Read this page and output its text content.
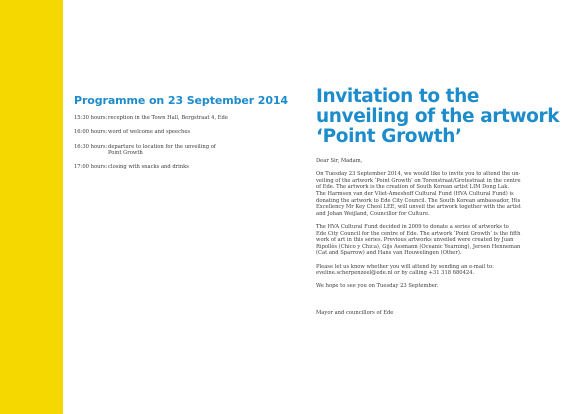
Programme on 23 September 2014
15:30 hours: reception in the Town Hall, Bergstraat 4, Ede
16:00 hours: word of welcome and speeches
16:30 hours: departure to location for the unveiling of
Point Growth
17:00 hours: closing with snacks and drinks
Invitation to the
unveiling of the artwork
‘Point Growth’

Dear Sir, Madam,

On Tuesday 23 September 2014, we would like to invite you to attend the un-
veiling of the artwork ‘Point Growth’ on Torenstraat/Grotestraat in the centre
of Ede. The artwork is the creation of South Korean artist LIM Dong Lak.
The Harmsen van der Vliet-Ameshoff Cultural Fund (HVA Cultural Fund) is
donating the artwork to Ede City Council. The South Korean ambassador, His
Excellency Mr Key Cheol LEE, will unveil the artwork together with the artist
and Johan Weijland, Councillor for Culture.

The HVA Cultural Fund decided in 2009 to donate a series of artworks to
Ede City Council for the centre of Ede. The artwork ‘Point Growth’ is the fifth
work of art in this series. Previous artworks unveiled were created by Juan
Ripollès (Chico y Chica), Gijs Assmann (Oceanic Yearning), Jeroen Henneman
(Cat and Sparrow) and Hans van Houwelingen (Other).

Please let us know whether you will attend by sending an e-mail to:
eveline.scherpenzeel@ede.nl or by calling +31 318 680424.

We hope to see you on Tuesday 23 September.

Mayor and councillors of Ede
